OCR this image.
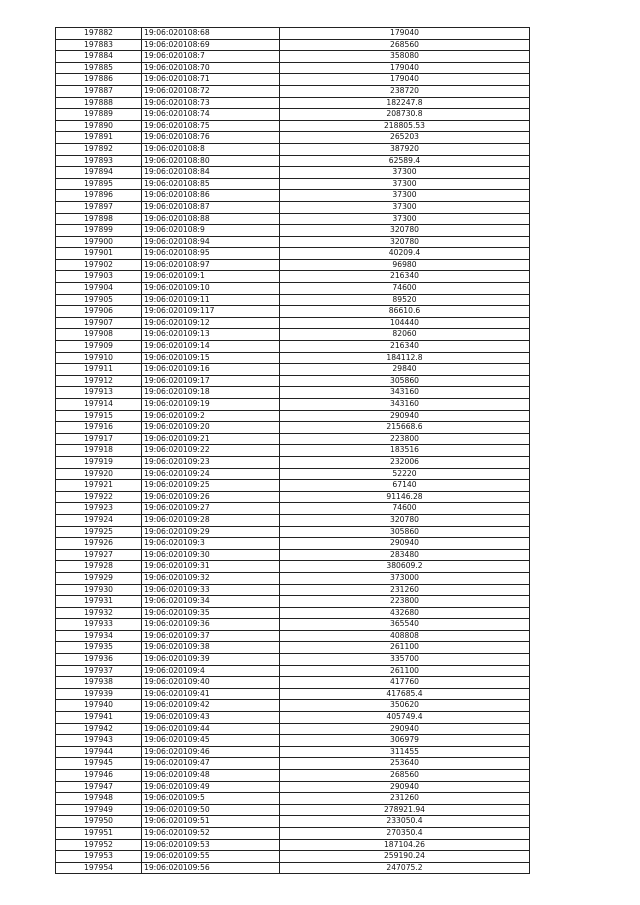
197882	19:06:020108:68	179040
197883	19:06:020108:69	268560
197884	19:06:020108:7	358080
197885	19:06:020108:70	179040
197886	19:06:020108:71	179040
197887	19:06:020108:72	238720
197888	19:06:020108:73	182247.8
197889	19:06:020108:74	208730.8
197890	19:06:020108:75	218805.53
197891	19:06:020108:76	265203
197892	19:06:020108:8	387920
197893	19:06:020108:80	62589.4
197894	19:06:020108:84	37300
197895	19:06:020108:85	37300
197896	19:06:020108:86	37300
197897	19:06:020108:87	37300
197898	19:06:020108:88	37300
197899	19:06:020108:9	320780
197900	19:06:020108:94	320780
197901	19:06:020108:95	40209.4
197902	19:06:020108:97	96980
197903	19:06:020109:1	216340
197904	19:06:020109:10	74600
197905	19:06:020109:11	89520
197906	19:06:020109:117	86610.6
197907	19:06:020109:12	104440
197908	19:06:020109:13	82060
197909	19:06:020109:14	216340
197910	19:06:020109:15	184112.8
197911	19:06:020109:16	29840
197912	19:06:020109:17	305860
197913	19:06:020109:18	343160
197914	19:06:020109:19	343160
197915	19:06:020109:2	290940
197916	19:06:020109:20	215668.6
197917	19:06:020109:21	223800
197918	19:06:020109:22	183516
197919	19:06:020109:23	232006
197920	19:06:020109:24	52220
197921	19:06:020109:25	67140
197922	19:06:020109:26	91146.28
197923	19:06:020109:27	74600
197924	19:06:020109:28	320780
197925	19:06:020109:29	305860
197926	19:06:020109:3	290940
197927	19:06:020109:30	283480
197928	19:06:020109:31	380609.2
197929	19:06:020109:32	373000
197930	19:06:020109:33	231260
197931	19:06:020109:34	223800
197932	19:06:020109:35	432680
197933	19:06:020109:36	365540
197934	19:06:020109:37	408808
197935	19:06:020109:38	261100
197936	19:06:020109:39	335700
197937	19:06:020109:4	261100
197938	19:06:020109:40	417760
197939	19:06:020109:41	417685.4
197940	19:06:020109:42	350620
197941	19:06:020109:43	405749.4
197942	19:06:020109:44	290940
197943	19:06:020109:45	306979
197944	19:06:020109:46	311455
197945	19:06:020109:47	253640
197946	19:06:020109:48	268560
197947	19:06:020109:49	290940
197948	19:06:020109:5	231260
197949	19:06:020109:50	278921.94
197950	19:06:020109:51	233050.4
197951	19:06:020109:52	270350.4
197952	19:06:020109:53	187104.26
197953	19:06:020109:55	259190.24
197954	19:06:020109:56	247075.2
